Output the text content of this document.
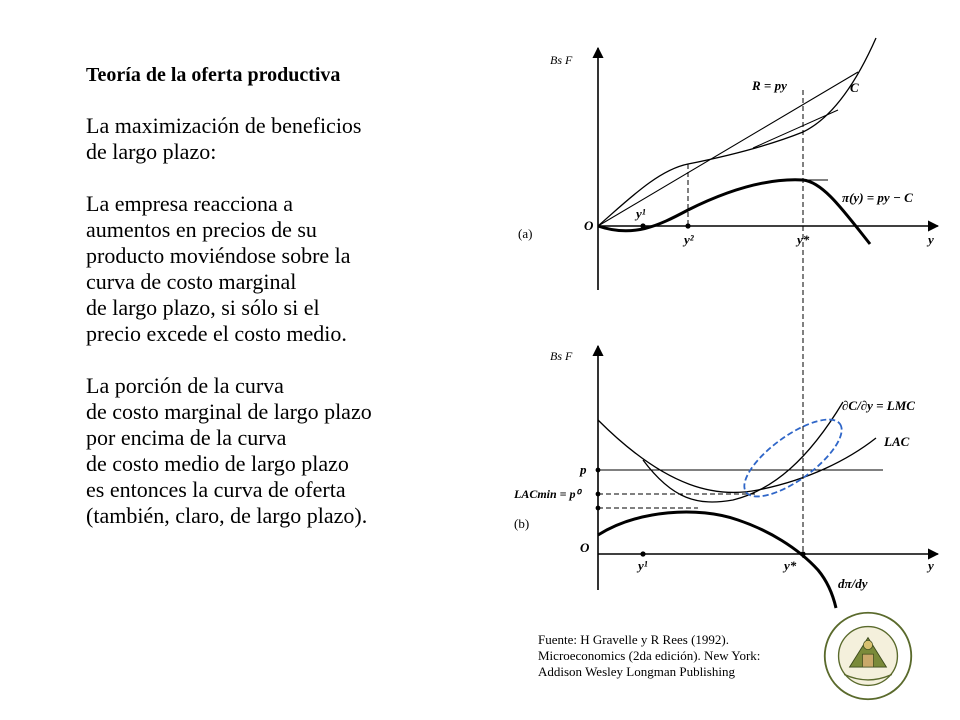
Teoría de la oferta productiva

La maximización de beneficios
de largo plazo:

La empresa reacciona a
aumentos en precios de su
producto moviéndose sobre la
curva de costo marginal
de largo plazo, si sólo si el
precio excede el costo medio.

La porción de la curva
de costo marginal de largo plazo
por encima de la curva
de costo medio de largo plazo
es entonces la curva de oferta
(también, claro, de largo plazo).

Bs F
y
O
(a)
R = py	C
π(y) = py − C
y¹
y²	y*
Bs F
y
O
(b)
LAC
∂C/∂y = LMC
p
LACmin = p⁰
dπ/dy
y¹	y*
Fuente: H Gravelle y R Rees (1992).
Microeconomics (2da edición). New York:
Addison Wesley Longman Publishing
